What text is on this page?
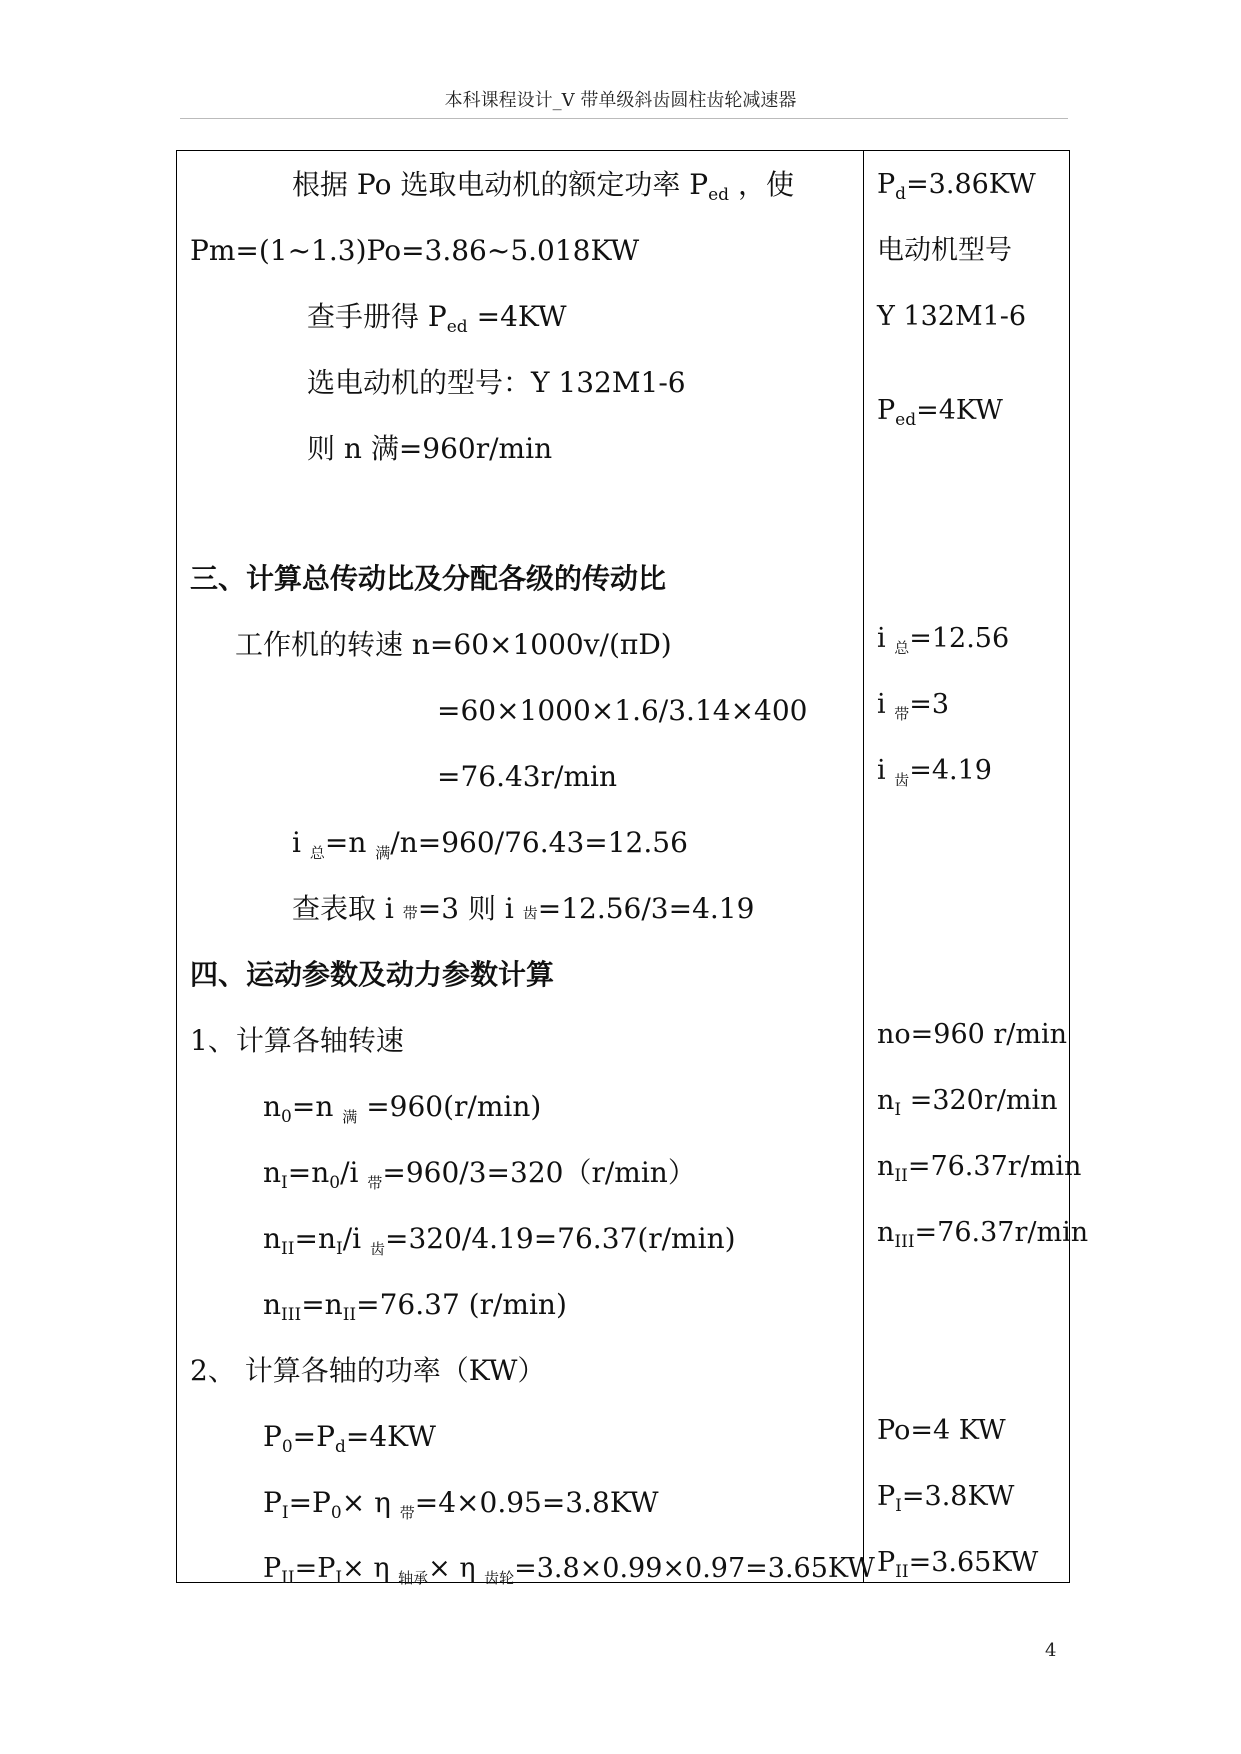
本科课程设计_V 带单级斜齿圆柱齿轮减速器
根据 Po 选取电动机的额定功率 $P_{ed}$ ，使
Pm=(1~1.3)Po=3.86~5.018KW
查手册得 $P_{ed} =4KW$
选电动机的型号：Y 132M1-6
则 n 满=960r/min
三、计算总传动比及分配各级的传动比
工作机的转速 n=60×1000v/(πD)
=60×1000×1.6/3.14×400
=76.43r/min
i $_总$=n $_满$/n=960/76.43=12.56
查表取 i 带=3 则 i 齿=12.56/3=4.19
四、运动参数及动力参数计算
1、计算各轴转速
$n_0=n$ $_满$ =960(r/min)
$n_I=n_0/i$ $_带$=960/3=320（r/min）
$n_{II}=n_I/i$ $_齿$=320/4.19=76.37(r/min)
$n_{III}=n_{II}=76.37$ (r/min)
2、 计算各轴的功率（KW）
$P_0=P_d=4KW$
$P_I=P_0\times \eta$ $_带$=4×0.95=3.8KW
$P_{II}=P_I\times \eta$ $_{轴承}$× η $_{齿轮}$=3.8×0.99×0.97=3.65KW
$P_d=3.86KW$
电动机型号
Y 132M1-6
$P_{ed}=4KW$
i $_总$=12.56
i $_带$=3
i $_齿$=4.19
no=960 r/min
$n_I =320r/\min$
$n_{II}=76.37r/\min$
$n_{III}=76.37r/\min$
Po=4 KW
$P_I=3.8KW$
$P_{II}=3.65KW$
4
